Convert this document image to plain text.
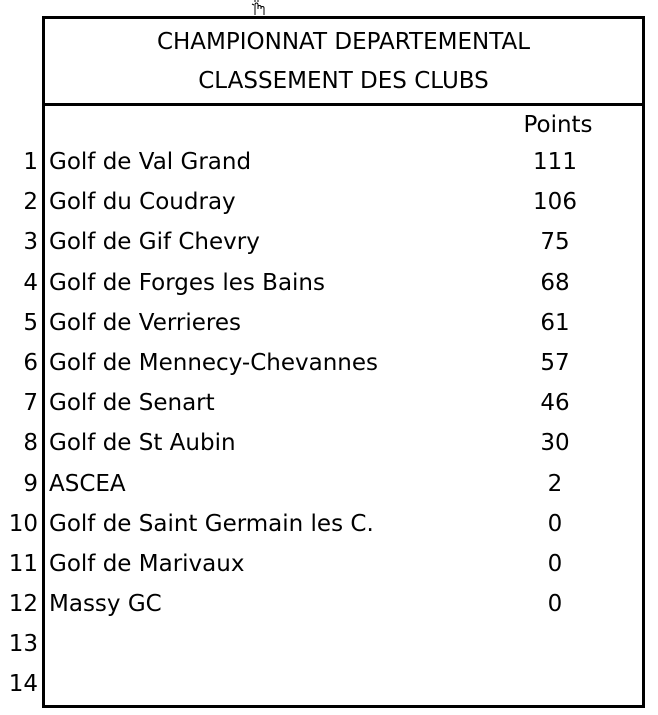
CHAMPIONNAT DEPARTEMENTAL
CLASSEMENT DES CLUBS
Points
1 Golf de Val Grand	111
2 Golf du Coudray	106
3 Golf de Gif Chevry	75
4 Golf de Forges les Bains	68
5 Golf de Verrieres	61
6 Golf de Mennecy-Chevannes	57
7 Golf de Senart	46
8 Golf de St Aubin	30
9 ASCEA	2
10 Golf de Saint Germain les C.	0
11 Golf de Marivaux	0
12 Massy GC	0
13
14
